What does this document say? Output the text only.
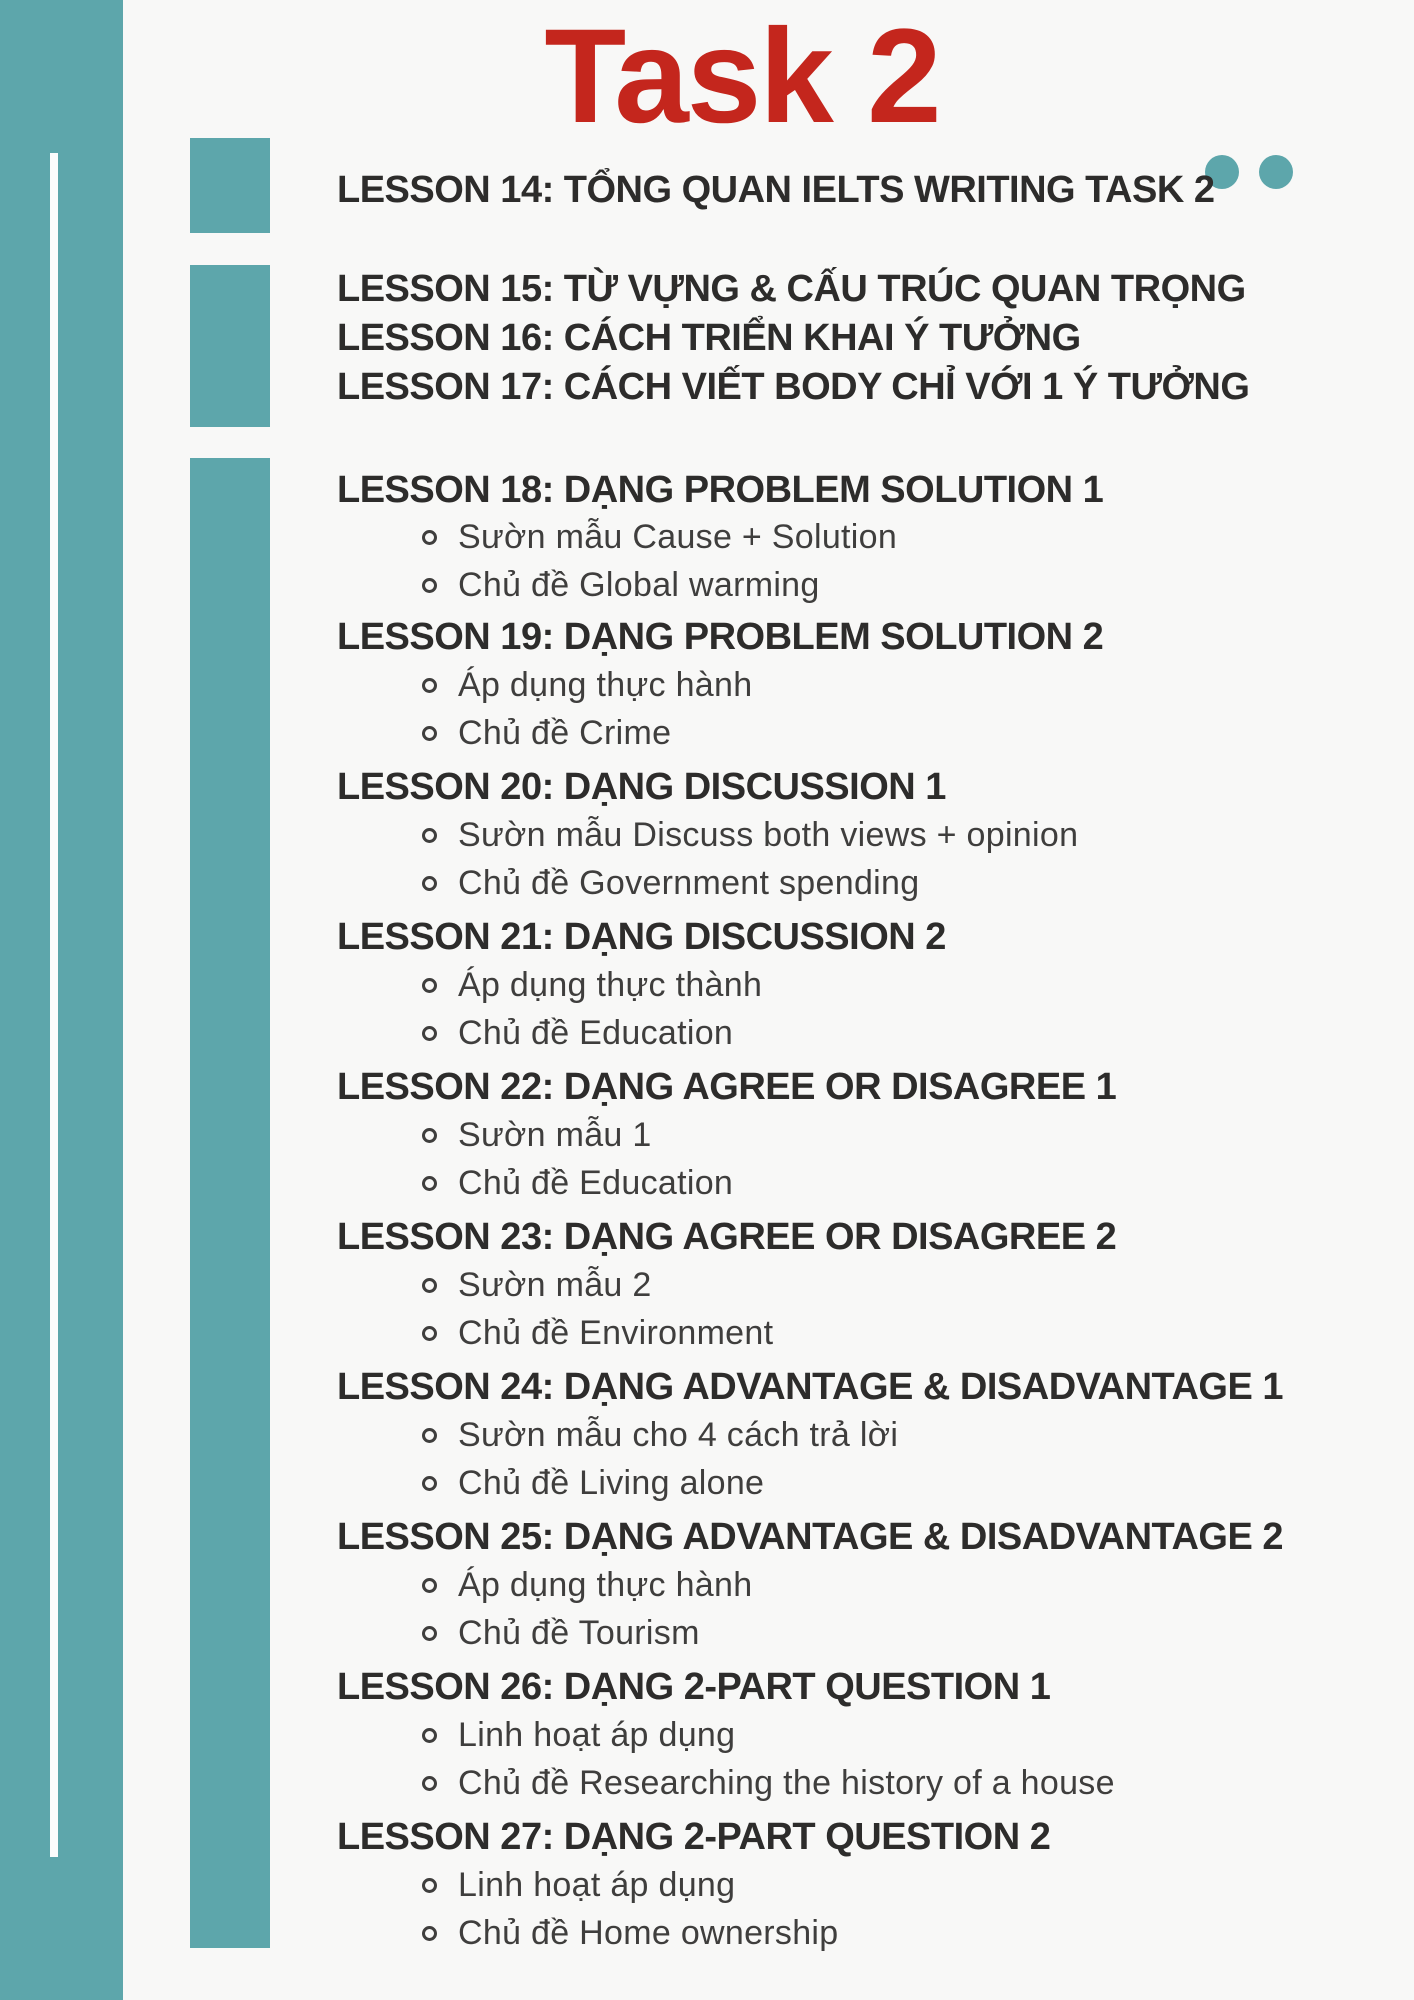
Task 2
LESSON 14: TỔNG QUAN IELTS WRITING TASK 2
LESSON 15: TỪ VỰNG & CẤU TRÚC QUAN TRỌNG
LESSON 16: CÁCH TRIỂN KHAI Ý TƯỞNG
LESSON 17: CÁCH VIẾT BODY CHỈ VỚI 1 Ý TƯỞNG
LESSON 18: DẠNG PROBLEM SOLUTION 1
LESSON 19: DẠNG PROBLEM SOLUTION 2
LESSON 20: DẠNG DISCUSSION 1
LESSON 21: DẠNG DISCUSSION 2
LESSON 22: DẠNG AGREE OR DISAGREE 1
LESSON 23: DẠNG AGREE OR DISAGREE 2
LESSON 24: DẠNG ADVANTAGE & DISADVANTAGE 1
LESSON 25: DẠNG ADVANTAGE & DISADVANTAGE 2
LESSON 26: DẠNG 2-PART QUESTION 1
LESSON 27: DẠNG 2-PART QUESTION 2
Sườn mẫu Cause + Solution
Chủ đề Global warming
Áp dụng thực hành
Chủ đề Crime
Sườn mẫu Discuss both views + opinion
Chủ đề Government spending
Áp dụng thực thành
Chủ đề Education
Sườn mẫu 1
Chủ đề Education
Sườn mẫu 2
Chủ đề Environment
Sườn mẫu cho 4 cách trả lời
Chủ đề Living alone
Áp dụng thực hành
Chủ đề Tourism
Linh hoạt áp dụng
Chủ đề Researching the history of a house
Linh hoạt áp dụng
Chủ đề Home ownership
